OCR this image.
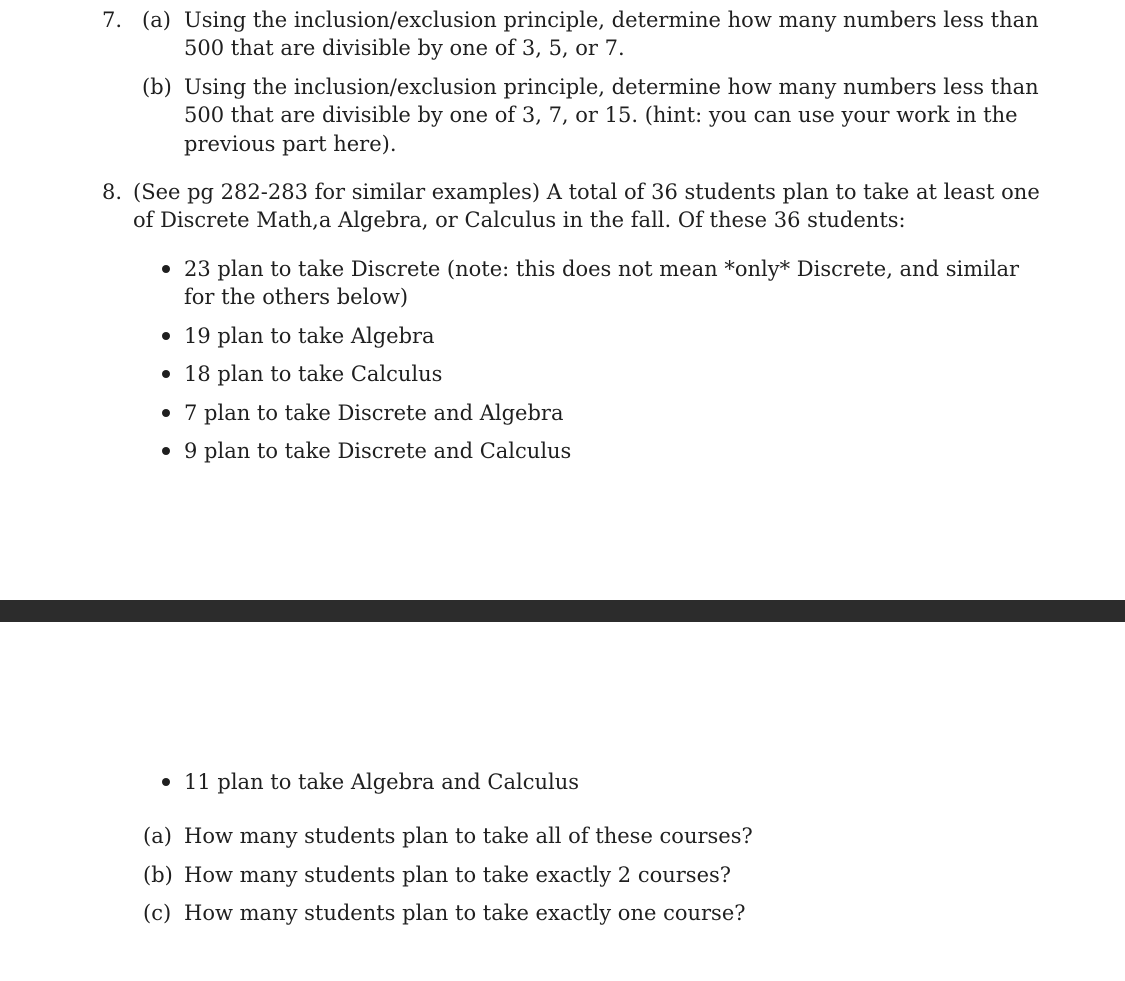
7. (a) Using the inclusion/exclusion principle, determine how many numbers less than

500 that are divisible by one of 3, 5, or 7.

(b) Using the inclusion/exclusion principle, determine how many numbers less than

500 that are divisible by one of 3, 7, or 15. (hint: you can use your work in the

previous part here).

8. (See pg 282-283 for similar examples) A total of 36 students plan to take at least one

of Discrete Math,a Algebra, or Calculus in the fall. Of these 36 students:

23 plan to take Discrete (note: this does not mean *only* Discrete, and similar

for the others below)

19 plan to take Algebra

18 plan to take Calculus

7 plan to take Discrete and Algebra

9 plan to take Discrete and Calculus

11 plan to take Algebra and Calculus

(a) How many students plan to take all of these courses?

(b) How many students plan to take exactly 2 courses?

(c) How many students plan to take exactly one course?
